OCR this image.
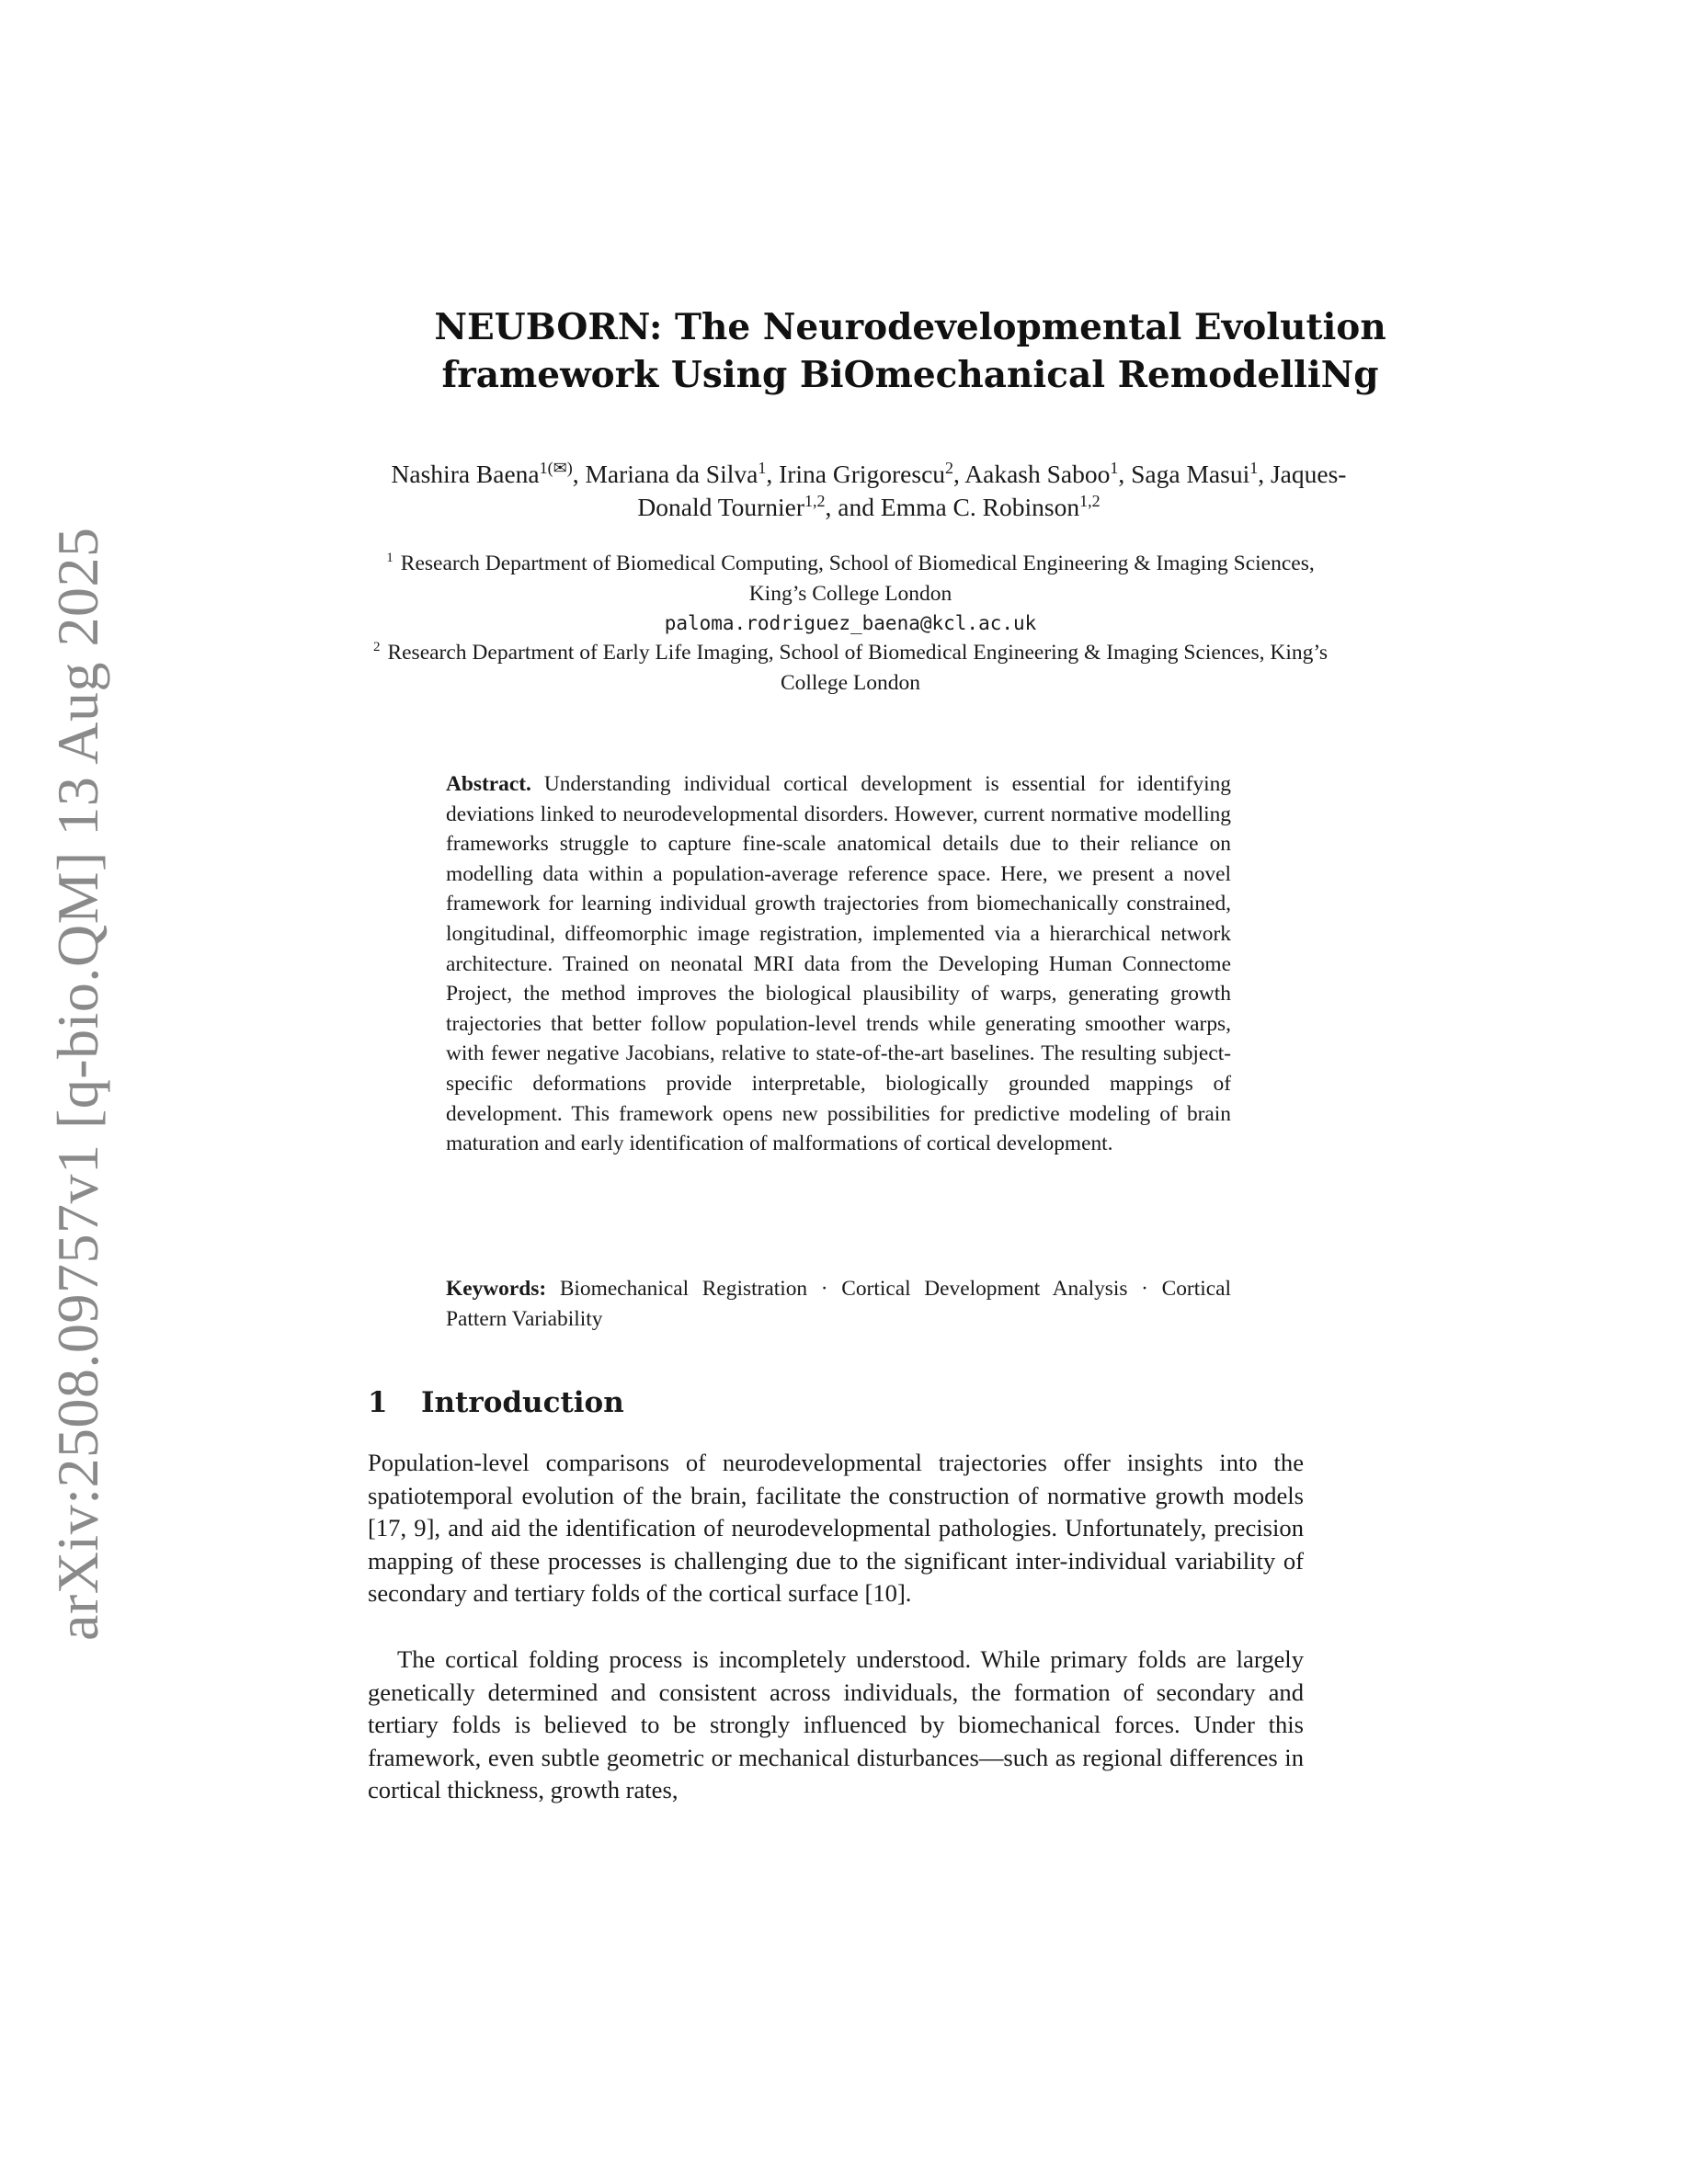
arXiv:2508.09757v1 [q-bio.QM] 13 Aug 2025
NEUBORN: The Neurodevelopmental Evolution
framework Using BiOmechanical RemodelliNg
Nashira Baena$^{1(✉)}$, Mariana da Silva$^1$, Irina Grigorescu$^2$, Aakash Saboo$^1$, Saga Masui$^1$, Jaques-Donald Tournier$^{1,2}$, and Emma C. Robinson$^{1,2}$
$^1$ Research Department of Biomedical Computing, School of Biomedical Engineering & Imaging Sciences, King’s College London
paloma.rodriguez_baena@kcl.ac.uk
$^2$ Research Department of Early Life Imaging, School of Biomedical Engineering & Imaging Sciences, King’s College London
Abstract. Understanding individual cortical development is essential for identifying deviations linked to neurodevelopmental disorders. However, current normative modelling frameworks struggle to capture fine-scale anatomical details due to their reliance on modelling data within a population-average reference space. Here, we present a novel framework for learning individual growth trajectories from biomechanically constrained, longitudinal, diffeomorphic image registration, implemented via a hierarchical network architecture. Trained on neonatal MRI data from the Developing Human Connectome Project, the method improves the biological plausibility of warps, generating growth trajectories that better follow population-level trends while generating smoother warps, with fewer negative Jacobians, relative to state-of-the-art baselines. The resulting subject-specific deformations provide interpretable, biologically grounded mappings of development. This framework opens new possibilities for predictive modeling of brain maturation and early identification of malformations of cortical development.
Keywords: Biomechanical Registration · Cortical Development Analysis · Cortical Pattern Variability
1 Introduction

Population-level comparisons of neurodevelopmental trajectories offer insights into the spatiotemporal evolution of the brain, facilitate the construction of normative growth models [17, 9], and aid the identification of neurodevelopmental pathologies. Unfortunately, precision mapping of these processes is challenging due to the significant inter-individual variability of secondary and tertiary folds of the cortical surface [10].

The cortical folding process is incompletely understood. While primary folds are largely genetically determined and consistent across individuals, the formation of secondary and tertiary folds is believed to be strongly influenced by biomechanical forces. Under this framework, even subtle geometric or mechanical disturbances—such as regional differences in cortical thickness, growth rates,
